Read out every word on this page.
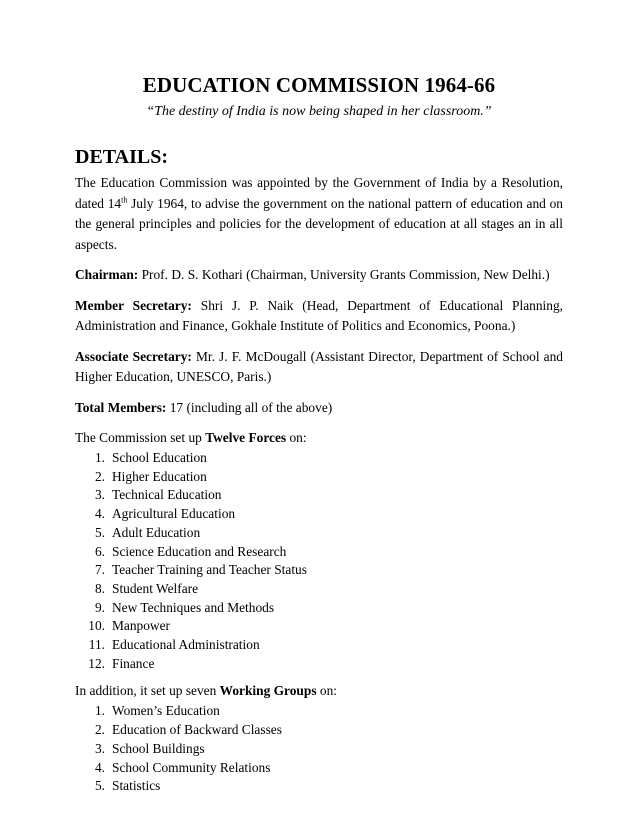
EDUCATION COMMISSION 1964-66

“The destiny of India is now being shaped in her classroom.”

DETAILS:

The Education Commission was appointed by the Government of India by a Resolution, dated 14th July 1964, to advise the government on the national pattern of education and on the general principles and policies for the development of education at all stages an in all aspects.

Chairman: Prof. D. S. Kothari (Chairman, University Grants Commission, New Delhi.)

Member Secretary: Shri J. P. Naik (Head, Department of Educational Planning, Administration and Finance, Gokhale Institute of Politics and Economics, Poona.)

Associate Secretary: Mr. J. F. McDougall (Assistant Director, Department of School and Higher Education, UNESCO, Paris.)

Total Members: 17 (including all of the above)

The Commission set up Twelve Forces on:

1. School Education
2. Higher Education
3. Technical Education
4. Agricultural Education
5. Adult Education
6. Science Education and Research
7. Teacher Training and Teacher Status
8. Student Welfare
9. New Techniques and Methods
10. Manpower
11. Educational Administration
12. Finance

In addition, it set up seven Working Groups on:

1. Women’s Education
2. Education of Backward Classes
3. School Buildings
4. School Community Relations
5. Statistics
